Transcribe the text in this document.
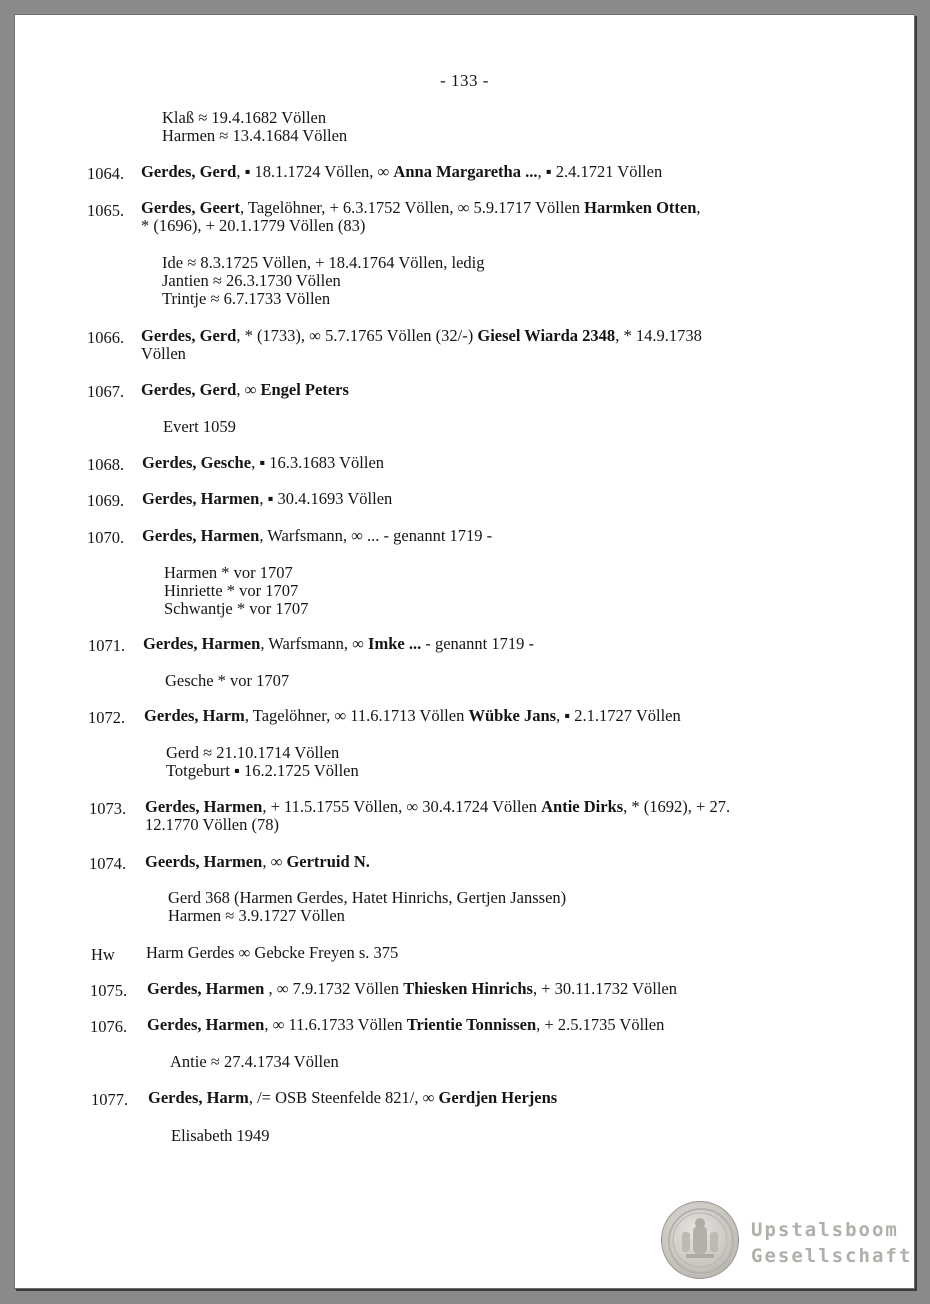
- 133 -
Klaß ≈ 19.4.1682 Völlen
Harmen ≈ 13.4.1684 Völlen
1064. Gerdes, Gerd, ▪ 18.1.1724 Völlen, ∞ Anna Margaretha ..., ▪ 2.4.1721 Völlen
1065. Gerdes, Geert, Tagelöhner, + 6.3.1752 Völlen, ∞ 5.9.1717 Völlen Harmken Otten,
* (1696), + 20.1.1779 Völlen (83)
Ide ≈ 8.3.1725 Völlen, + 18.4.1764 Völlen, ledig
Jantien ≈ 26.3.1730 Völlen
Trintje ≈ 6.7.1733 Völlen
1066. Gerdes, Gerd, * (1733), ∞ 5.7.1765 Völlen (32/-) Giesel Wiarda 2348, * 14.9.1738
Völlen
1067. Gerdes, Gerd, ∞ Engel Peters
Evert 1059
1068. Gerdes, Gesche, ▪ 16.3.1683 Völlen
1069. Gerdes, Harmen, ▪ 30.4.1693 Völlen
1070. Gerdes, Harmen, Warfsmann, ∞ ... - genannt 1719 -
Harmen * vor 1707
Hinriette * vor 1707
Schwantje * vor 1707
1071. Gerdes, Harmen, Warfsmann, ∞ Imke ... - genannt 1719 -
Gesche * vor 1707
1072. Gerdes, Harm, Tagelöhner, ∞ 11.6.1713 Völlen Wübke Jans, ▪ 2.1.1727 Völlen
Gerd ≈ 21.10.1714 Völlen
Totgeburt ▪ 16.2.1725 Völlen
1073. Gerdes, Harmen, + 11.5.1755 Völlen, ∞ 30.4.1724 Völlen Antie Dirks, * (1692), + 27.
12.1770 Völlen (78)
1074. Geerds, Harmen, ∞ Gertruid N.
Gerd 368 (Harmen Gerdes, Hatet Hinrichs, Gertjen Janssen)
Harmen ≈ 3.9.1727 Völlen
Hw Harm Gerdes ∞ Gebcke Freyen s. 375
1075. Gerdes, Harmen , ∞ 7.9.1732 Völlen Thiesken Hinrichs, + 30.11.1732 Völlen
1076. Gerdes, Harmen, ∞ 11.6.1733 Völlen Trientie Tonnissen, + 2.5.1735 Völlen
Antie ≈ 27.4.1734 Völlen
1077. Gerdes, Harm, /= OSB Steenfelde 821/, ∞ Gerdjen Herjens
Elisabeth 1949
Upstalsboom
Gesellschaft
